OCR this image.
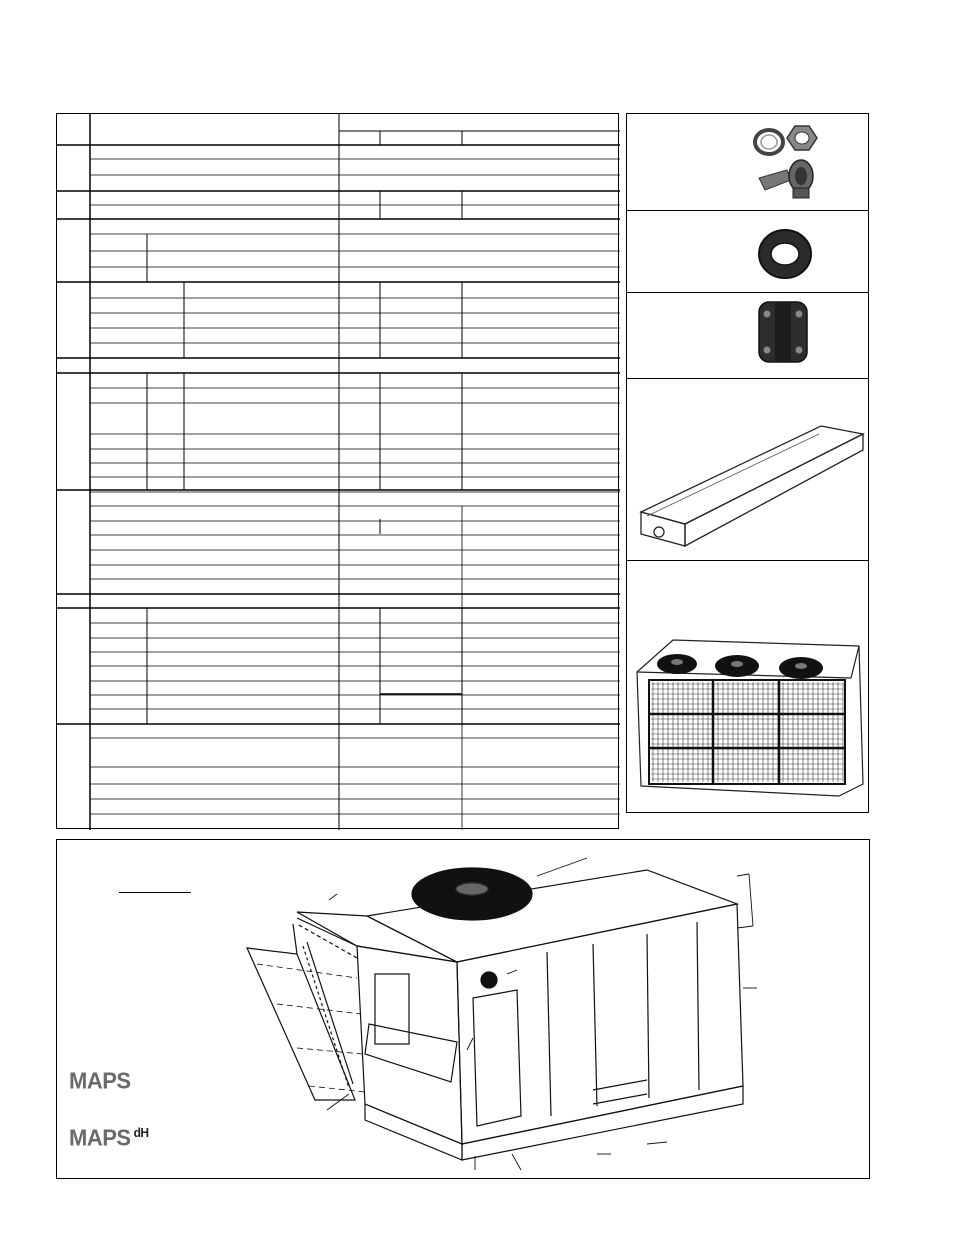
MAPS
MAPS $^{dH}$
